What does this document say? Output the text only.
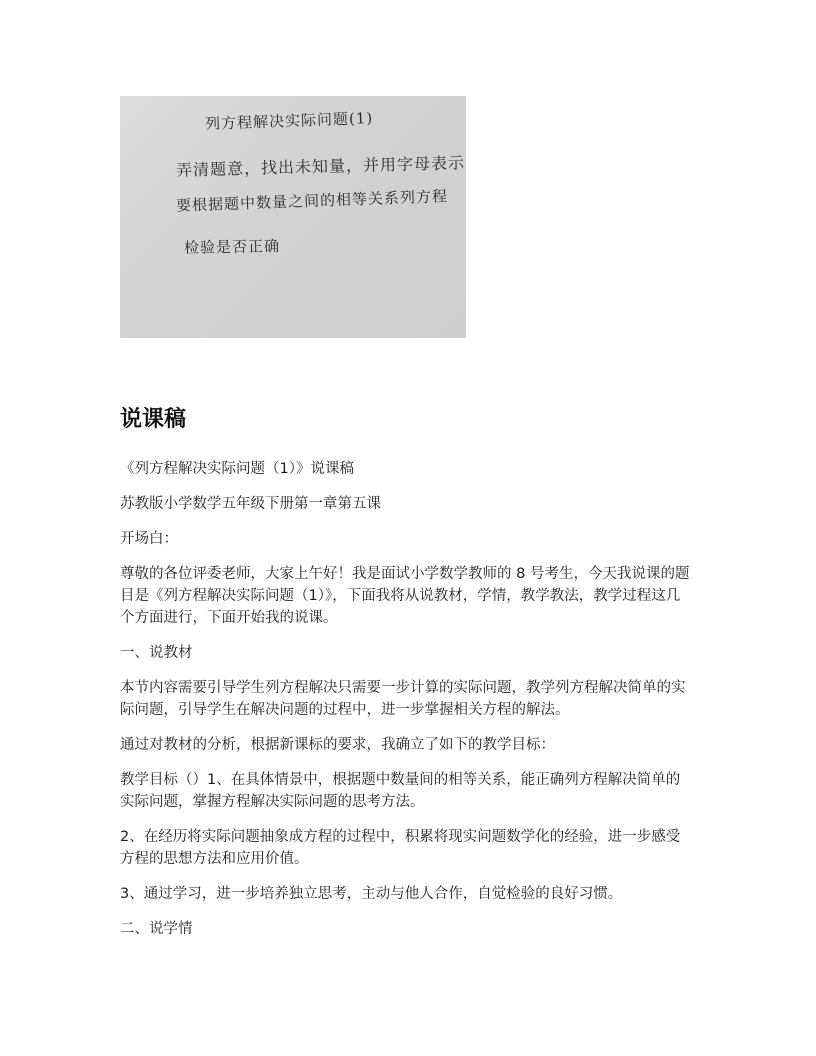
列方程解决实际问题(1)
弄清题意，找出未知量，并用字母表示
要根据题中数量之间的相等关系列方程
检验是否正确
说课稿

《列方程解决实际问题（1）》说课稿

苏教版小学数学五年级下册第一章第五课

开场白：

尊敬的各位评委老师，大家上午好！我是面试小学数学教师的 8 号考生，今天我说课的题目是《列方程解决实际问题（1）》，下面我将从说教材，学情，教学教法，教学过程这几个方面进行，下面开始我的说课。

一、说教材

本节内容需要引导学生列方程解决只需要一步计算的实际问题，教学列方程解决简单的实际问题，引导学生在解决问题的过程中，进一步掌握相关方程的解法。

通过对教材的分析，根据新课标的要求，我确立了如下的教学目标：

教学目标（）1、在具体情景中，根据题中数量间的相等关系，能正确列方程解决简单的实际问题，掌握方程解决实际问题的思考方法。

2、在经历将实际问题抽象成方程的过程中，积累将现实问题数学化的经验，进一步感受方程的思想方法和应用价值。

3、通过学习，进一步培养独立思考，主动与他人合作，自觉检验的良好习惯。

二、说学情
